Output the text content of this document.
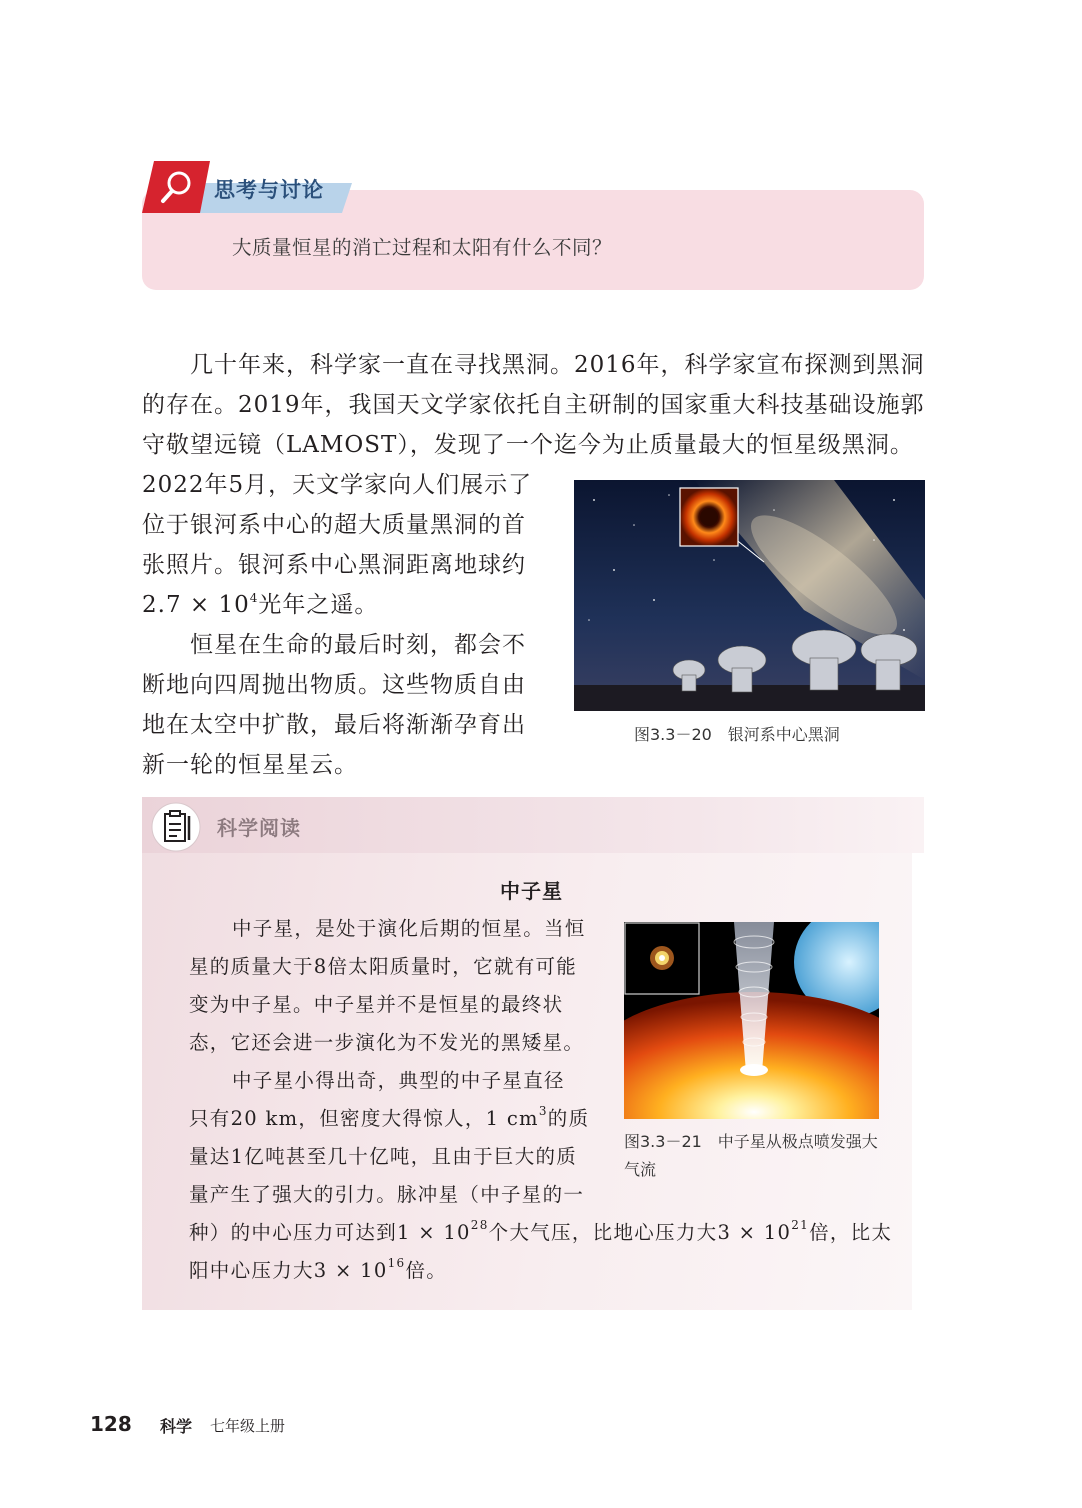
思考与讨论
大质量恒星的消亡过程和太阳有什么不同？
几十年来，科学家一直在寻找黑洞。2016年，科学家宣布探测到黑洞
的存在。2019年，我国天文学家依托自主研制的国家重大科技基础设施郭
守敬望远镜（LAMOST），发现了一个迄今为止质量最大的恒星级黑洞。
2022年5月，天文学家向人们展示了
位于银河系中心的超大质量黑洞的首
张照片。银河系中心黑洞距离地球约
$2.7 \times 10^4$光年之遥。
恒星在生命的最后时刻，都会不
断地向四周抛出物质。这些物质自由
地在太空中扩散，最后将渐渐孕育出
新一轮的恒星星云。
图3.3－20　银河系中心黑洞
科学阅读
中子星
中子星，是处于演化后期的恒星。当恒
星的质量大于8倍太阳质量时，它就有可能
变为中子星。中子星并不是恒星的最终状
态，它还会进一步演化为不发光的黑矮星。
中子星小得出奇，典型的中子星直径
只有20 km，但密度大得惊人，1 $cm^3$的质
量达1亿吨甚至几十亿吨，且由于巨大的质
量产生了强大的引力。脉冲星（中子星的一
种）的中心压力可达到$1 \times 10^{28}$个大气压，比地心压力大$3 \times 10^{21}$倍，比太
阳中心压力大$3 \times 10^{16}$倍。
图3.3－21　中子星从极点喷发强大气流
128 科学 七年级上册
